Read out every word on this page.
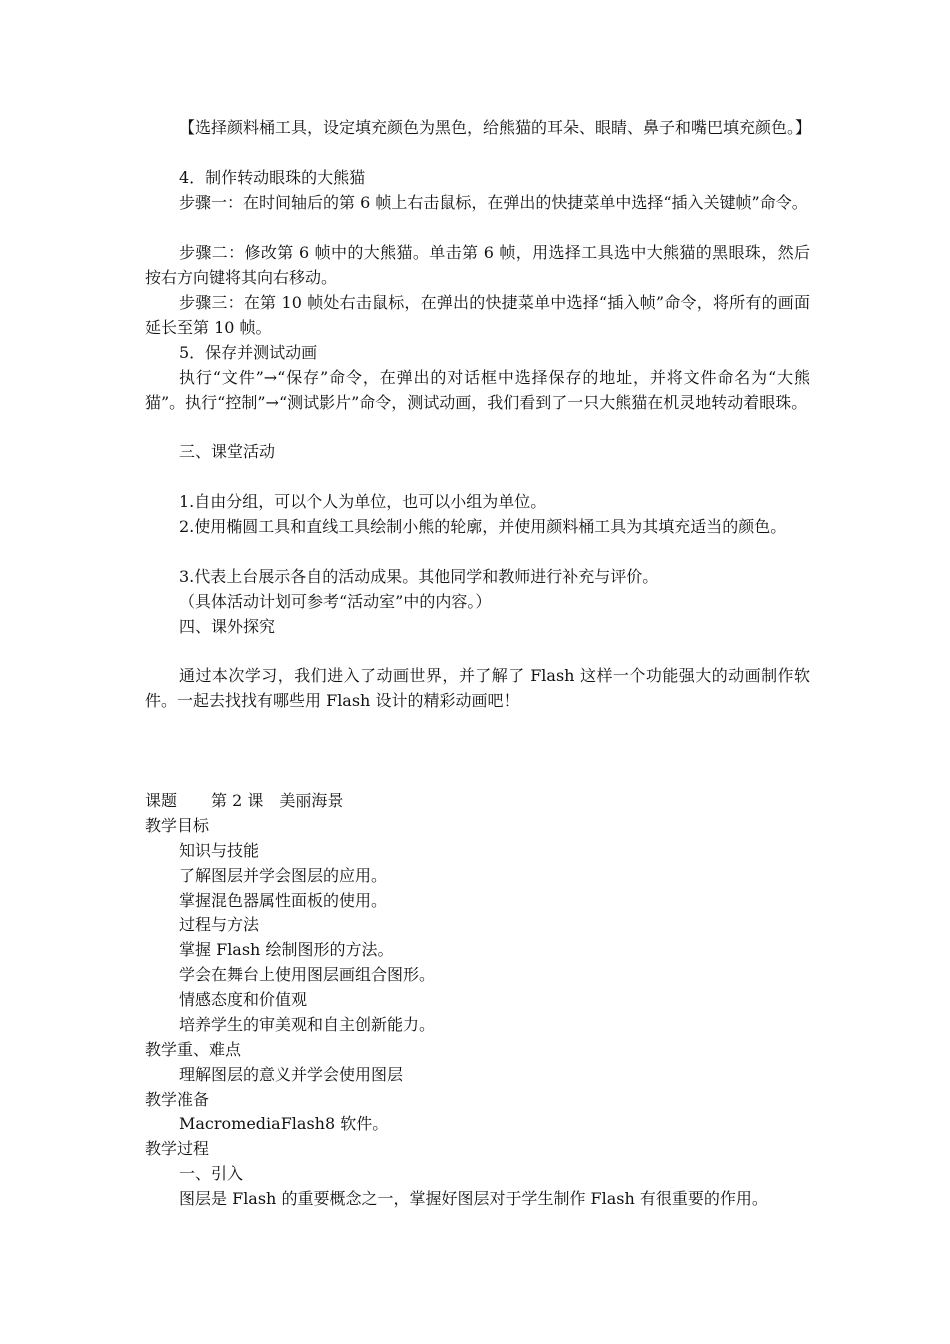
【选择颜料桶工具，设定填充颜色为黑色，给熊猫的耳朵、眼睛、鼻子和嘴巴填充颜色。】

4．制作转动眼珠的大熊猫

步骤一：在时间轴后的第 6 帧上右击鼠标，在弹出的快捷菜单中选择“插入关键帧”命令。

步骤二：修改第 6 帧中的大熊猫。单击第 6 帧，用选择工具选中大熊猫的黑眼珠，然后按右方向键将其向右移动。

步骤三：在第 10 帧处右击鼠标，在弹出的快捷菜单中选择“插入帧”命令，将所有的画面延长至第 10 帧。

5．保存并测试动画

执行“文件”→“保存”命令，在弹出的对话框中选择保存的地址，并将文件命名为“大熊猫”。执行“控制”→“测试影片”命令，测试动画，我们看到了一只大熊猫在机灵地转动着眼珠。

三、课堂活动

1.自由分组，可以个人为单位，也可以小组为单位。

2.使用椭圆工具和直线工具绘制小熊的轮廓，并使用颜料桶工具为其填充适当的颜色。

3.代表上台展示各自的活动成果。其他同学和教师进行补充与评价。

（具体活动计划可参考“活动室”中的内容。）

四、课外探究

通过本次学习，我们进入了动画世界，并了解了 Flash 这样一个功能强大的动画制作软件。一起去找找有哪些用 Flash 设计的精彩动画吧！

课题 第 2 课　美丽海景

教学目标

知识与技能

了解图层并学会图层的应用。

掌握混色器属性面板的使用。

过程与方法

掌握 Flash 绘制图形的方法。

学会在舞台上使用图层画组合图形。

情感态度和价值观

培养学生的审美观和自主创新能力。

教学重、难点

理解图层的意义并学会使用图层

教学准备

MacromediaFlash8 软件。

教学过程

一、引入

图层是 Flash 的重要概念之一，掌握好图层对于学生制作 Flash 有很重要的作用。
